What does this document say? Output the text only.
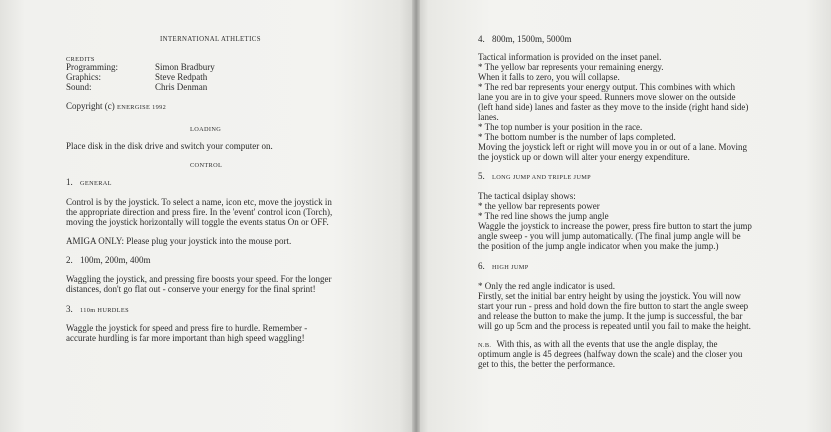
INTERNATIONAL ATHLETICS
CREDITS
Programming:	Simon Bradbury
Graphics:	Steve Redpath
Sound:	Chris Denman
Copyright (c) ENERGISE 1992
LOADING
Place disk in the disk drive and switch your computer on.
CONTROL
1. GENERAL
Control is by the joystick. To select a name, icon etc, move the joystick in
the appropriate direction and press fire. In the 'event' control icon (Torch),
moving the joystick horizontally will toggle the events status On or OFF.
AMIGA ONLY: Please plug your joystick into the mouse port.
2. 100m, 200m, 400m
Waggling the joystick, and pressing fire boosts your speed. For the longer
distances, don't go flat out - conserve your energy for the final sprint!
3. 110m HURDLES
Waggle the joystick for speed and press fire to hurdle. Remember -
accurate hurdling is far more important than high speed waggling!
4. 800m, 1500m, 5000m
Tactical information is provided on the inset panel.
* The yellow bar represents your remaining energy.
When it falls to zero, you will collapse.
* The red bar represents your energy output. This combines with which
lane you are in to give your speed. Runners move slower on the outside
(left hand side) lanes and faster as they move to the inside (right hand side)
lanes.
* The top number is your position in the race.
* The bottom number is the number of laps completed.
Moving the joystick left or right will move you in or out of a lane. Moving
the joystick up or down will alter your energy expenditure.
5. LONG JUMP AND TRIPLE JUMP
The tactical dsiplay shows:
* the yellow bar represents power
* The red line shows the jump angle
Waggle the joystick to increase the power, press fire button to start the jump
angle sweep - you will jump automatically. (The final jump angle will be
the position of the jump angle indicator when you make the jump.)
6. HIGH JUMP
* Only the red angle indicator is used.
Firstly, set the initial bar entry height by using the joystick. You will now
start your run - press and hold down the fire button to start the angle sweep
and release the button to make the jump. It the jump is successful, the bar
will go up 5cm and the process is repeated until you fail to make the height.
N.B. With this, as with all the events that use the angle display, the
optimum angle is 45 degrees (halfway down the scale) and the closer you
get to this, the better the performance.
